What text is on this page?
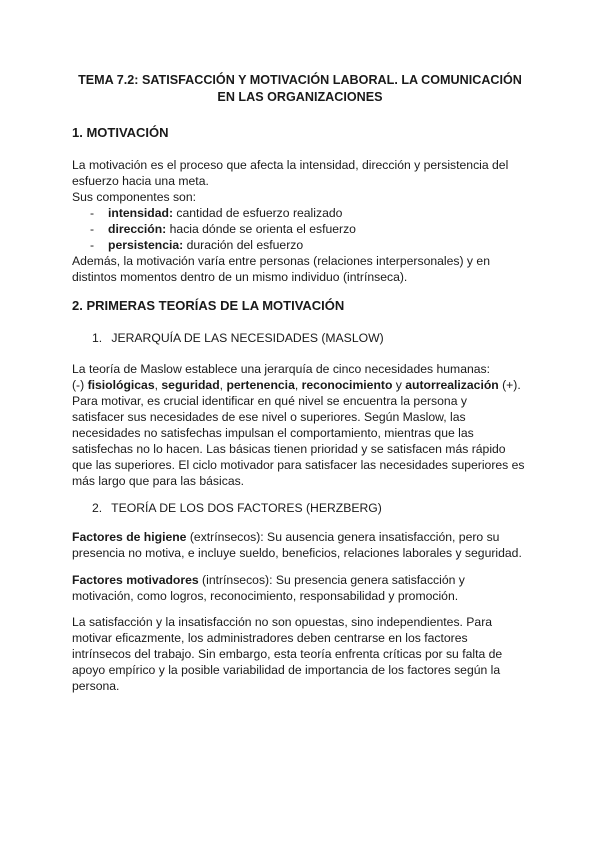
TEMA 7.2: SATISFACCIÓN Y MOTIVACIÓN LABORAL. LA COMUNICACIÓN
EN LAS ORGANIZACIONES
1. MOTIVACIÓN

La motivación es el proceso que afecta la intensidad, dirección y persistencia del

esfuerzo hacia una meta.

Sus componentes son:

- intensidad: cantidad de esfuerzo realizado
- dirección: hacia dónde se orienta el esfuerzo
- persistencia: duración del esfuerzo

Además, la motivación varía entre personas (relaciones interpersonales) y en

distintos momentos dentro de un mismo individuo (intrínseca).

2. PRIMERAS TEORÍAS DE LA MOTIVACIÓN
1. JERARQUÍA DE LAS NECESIDADES (MASLOW)

La teoría de Maslow establece una jerarquía de cinco necesidades humanas:

(-) fisiológicas, seguridad, pertenencia, reconocimiento y autorrealización (+).

Para motivar, es crucial identificar en qué nivel se encuentra la persona y

satisfacer sus necesidades de ese nivel o superiores. Según Maslow, las

necesidades no satisfechas impulsan el comportamiento, mientras que las

satisfechas no lo hacen. Las básicas tienen prioridad y se satisfacen más rápido

que las superiores. El ciclo motivador para satisfacer las necesidades superiores es

más largo que para las básicas.

2. TEORÍA DE LOS DOS FACTORES (HERZBERG)

Factores de higiene (extrínsecos): Su ausencia genera insatisfacción, pero su

presencia no motiva, e incluye sueldo, beneficios, relaciones laborales y seguridad.

Factores motivadores (intrínsecos): Su presencia genera satisfacción y

motivación, como logros, reconocimiento, responsabilidad y promoción.

La satisfacción y la insatisfacción no son opuestas, sino independientes. Para

motivar eficazmente, los administradores deben centrarse en los factores

intrínsecos del trabajo. Sin embargo, esta teoría enfrenta críticas por su falta de

apoyo empírico y la posible variabilidad de importancia de los factores según la

persona.
